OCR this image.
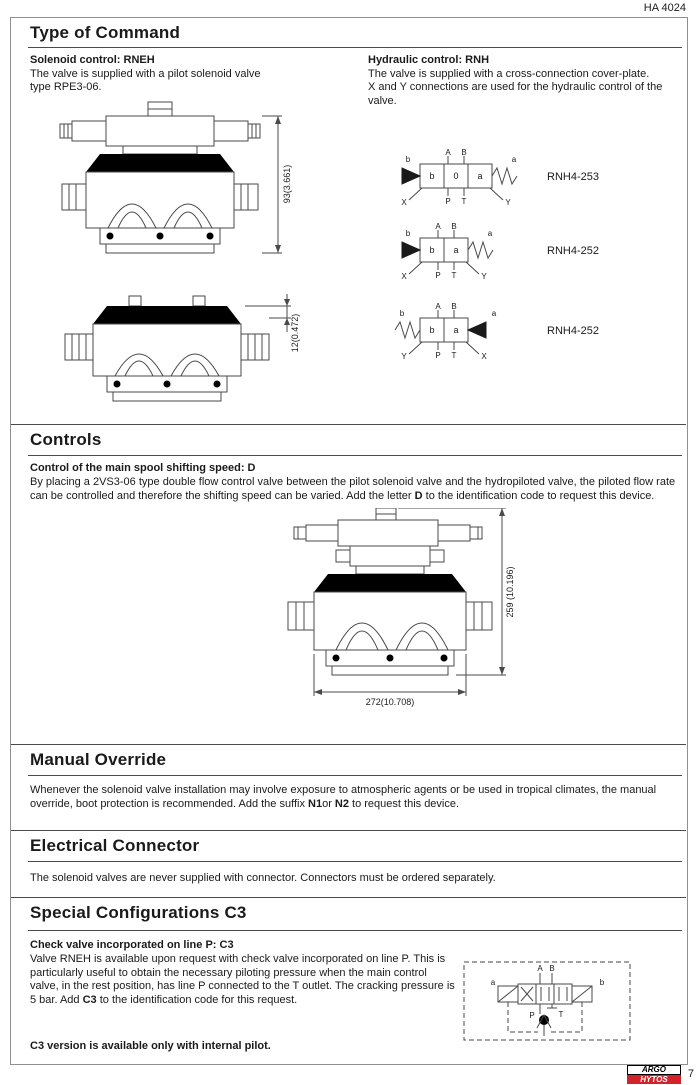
HA 4024
Type of Command
Solenoid control: RNEH
The valve is supplied with a pilot solenoid valve type RPE3-06.
Hydraulic control: RNH
The valve is supplied with a cross-connection cover-plate.
X and Y connections are used for the hydraulic control of the valve.
93(3.661)
12(0.472)
b 0 a
A B
P T
b	a
X	Y
RNH4-253
b a
A B
P T
b	a
X	Y
RNH4-252
b a
A B
P T
b	a
Y	X
RNH4-252
Controls
Control of the main spool shifting speed: D
By placing a 2VS3-06 type double flow control valve between the pilot solenoid valve and the hydropiloted valve, the piloted flow rate can be controlled and therefore the shifting speed can be varied. Add the letter D to the identification code to request this device.
259 (10.196)
272(10.708)
Manual Override
Whenever the solenoid valve installation may involve exposure to atmospheric agents or be used in tropical climates, the manual override, boot protection is recommended. Add the suffix N1or N2 to request this device.
Electrical Connector
The solenoid valves are never supplied with connector. Connectors must be ordered separately.
Special Configurations C3
Check valve incorporated on line P: C3
Valve RNEH is available upon request with check valve incorporated on line P. This is particularly useful to obtain the necessary piloting pressure when the main control valve, in the rest position, has line P connected to the T outlet. The cracking pressure is 5 bar. Add C3 to the identification code for this request.
C3 version is available only with internal pilot.
A B
P	T
a	b
ARGO
HYTOS	7
